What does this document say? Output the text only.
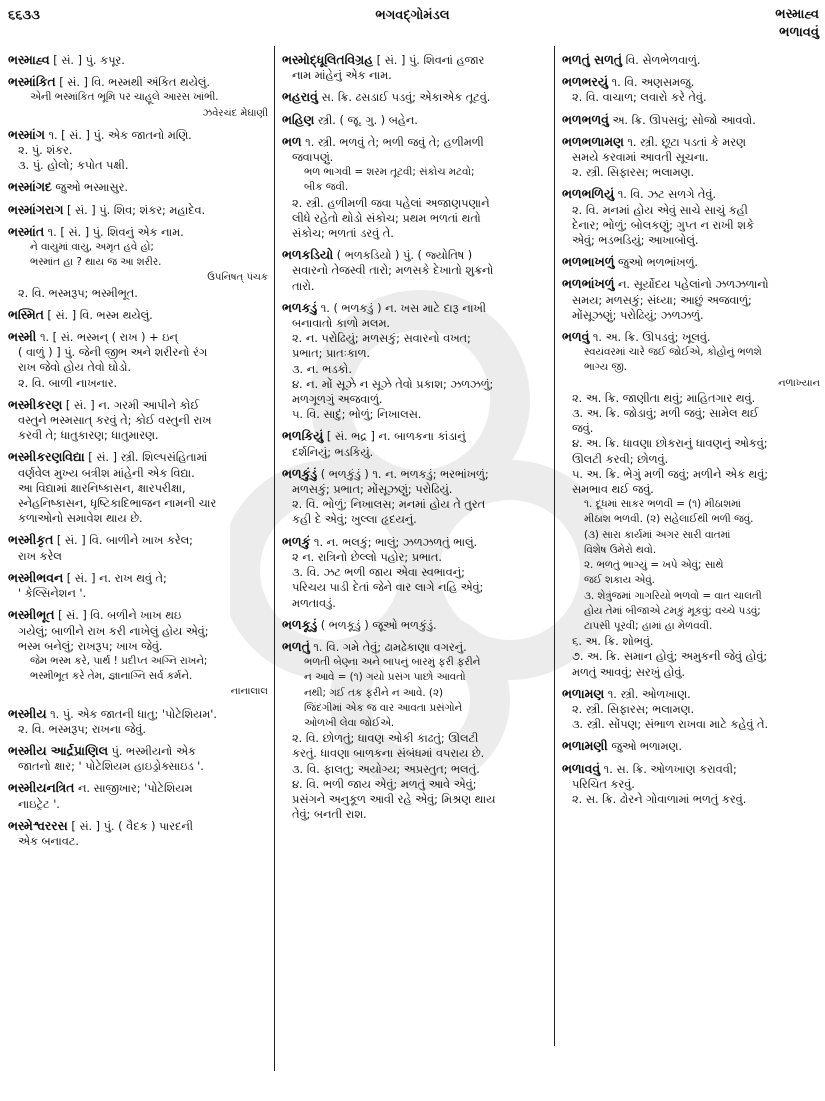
૬૬૩૩	ભગવદ્ગોમંડલ	ભસ્માહ્વ
ભળાવવું
ભસ્માહ્વ [ સં. ] પું. કપૂર.
ભસ્માંકિત [ સં. ] વિ. ભસ્મથી અંકિત થયેલું.
એની ભસ્માંકિત ભૂમિ પર ચાહૂલે આરસ ખાંભી.
ઝવેરચંદ મેઘાણી
ભસ્માંગ ૧. [ સં. ] પું. એક જાતનો મણિ.
૨. પું. શંકર.
૩. પું. હોલો; કપોત પક્ષી.
ભસ્માંગદ જુઓ ભસ્માસુર.
ભસ્માંગરાગ [ સં. ] પું. શિવ; શંકર; મહાદેવ.
ભસ્માંત ૧. [ સં. ] પું. શિવનું એક નામ.
ને વાયુમાં વાયુ, અમૃત હવે હો;
ભસ્માંત હા ? થાય જ આ શરીર.
ઉપનિષત્ પંચક
૨. વિ. ભસ્મરૂપ; ભસ્મીભૂત.
ભસ્મિત [ સં. ] વિ. ભસ્મ થયેલું.
ભસ્મી ૧. [ સં. ભસ્મન્ ( રાખ ) + ઇન્
( વાળું ) ] પું. જેની જીભ અને શરીરનો રંગ
રાખ જેવો હોય તેવો ઘોડો.
૨. વિ. બાળી નાખનાર.
ભસ્મીકરણ [ સં. ] ન. ગરમી આપીને કોઈ
વસ્તુને ભસ્મસાત્ કરવું તે; કોઈ વસ્તુની રાખ
કરવી તે; ધાતુકારણ; ધાતુમારણ.
ભસ્મીકરણવિદ્યા [ સં. ] સ્ત્રી. શિલ્પસંહિતામાં
વર્ણવેલ મુખ્ય બત્રીશ માંહેની એક વિદ્યા.
આ વિદ્યામાં ક્ષારનિષ્કાસન, ક્ષારપરીક્ષા,
સ્નેહનિષ્કાસન, ધૃષ્ટિકાદિભાજન નામની ચાર
કળાઓનો સમાવેશ થાય છે.
ભસ્મીકૃત [ સં. ] વિ. બાળીને ખાખ કરેલ;
રાખ કરેલ
ભસ્મીભવન [ સં. ] ન. રાખ થવું તે;
' કેલ્સિનેશન '.
ભસ્મીભૂત [ સં. ] વિ. બળીને ખાખ થઇ
ગયેલું; બાળીને રાખ કરી નાખેલું હોય એવું;
ભસ્મ બનેલું; રાખરૂપ; ખાખ જેવું.
જેમ ભસ્મ કરે, પાર્થ ! પ્રદીપ્ત અગ્નિ રાખને;
ભસ્મીભૂત કરે તેમ, જ્ઞાનાગ્નિ સર્વ કર્મને.
નાનાલાલ
ભસ્મીય ૧. પું. એક જાતની ધાતુ; 'પોટેશિયમ'.
૨. વિ. ભસ્મરૂપ; રાખના જેવું.
ભસ્મીય આર્દ્રપ્રાણિલ પું. ભસ્મીયનો એક
જાતનો ક્ષાર; ' પોટેશિયમ હાઇડ્રોક્સાઇડ '.
ભસ્મીયનત્રિત ન. સાજીખાર; 'પોટેશિયમ
નાઇટ્રેટ '.
ભસ્મેશ્વરરસ [ સં. ] પું. ( વૈદક ) પારદની
એક બનાવટ.
ભસ્મોદ્ધૂલિતવિગ્રહ [ સં. ] પું. શિવનાં હજાર
નામ માંહેનું એક નામ.
ભહરાવું સ. ક્રિ. ઢસડાઈ પડવું; એકાએક તૂટવું.
ભહિણ સ્ત્રી. ( જૂ. ગુ. ) બહેન.
ભળ ૧. સ્ત્રી. ભળવું તે; ભળી જવું તે; હળીમળી
જવાપણું.
ભળ ભાગવી = શરમ તૂટવી; સંકોચ મટવો;
બીક જવી.
૨. સ્ત્રી. હળીમળી જવા પહેલાં અજાણપણાને
લીધે રહેતો થોડો સંકોચ; પ્રથમ ભળતાં થતો
સંકોચ; ભળતાં ડરવું તે.
ભળકડિયો ( ભળકડિયો ) પું. ( જ્યોતિષ )
સવારનો તેજસ્વી તારો; મળસકે દેખાતો શુક્રનો
તારો.
ભળકડું ૧. ( ભળકડું ) ન. ખસ માટે દારૂ નાખી
બનાવાતો કાળો મલમ.
૨. ન. પરોઢિયું; મળસકું; સવારનો વખત;
પ્રભાત; પ્રાતઃકાળ.
૩. ન. ભડકો.
૪. ન. મોં સૂઝે ન સૂઝે તેવો પ્રકાશ; ઝળઝળું;
મળગૂળગું અજવાળું.
૫. વિ. સાદું; ભોળું; નિખાલસ.
ભળકિયું [ સં. ભદ્ર ] ન. બાળકના કાંડાનું
દર્શનિયું; ભડકિયું.
ભળકુંડું ( ભળકુંડું ) ૧. ન. ભળકડું; ભરભાંખળું;
મળસકું; પ્રભાત; મોંસૂઝણું; પરોઢિયું.
૨. વિ. ભોળું; નિખાલસ; મનમાં હોય તે તુરત
કહી દે એવું; ખુલ્લા હૃદયનું.
ભળકું ૧. ન. ભલકું; ભાલું; ઝળઝળતું ભાલું.
૨ ન. રાત્રિનો છેલ્લો પહોર; પ્રભાત.
૩. વિ. ઝટ ભળી જાય એવા સ્વભાવનું;
પરિચય પાડી દેતાં જેને વાર લાગે નહિ એવું;
મળતાવડું.
ભળકૂડું ( ભળકૂડું ) જૂઓ ભળકુંડું.
ભળતું ૧. વિ. ગમે તેવું; ઢામઢેકાણા વગરનું.
ભળતી બેણ્ના અને બાપનું બારમું ફરી ફરીને
ન આવે = (૧) ગયો પ્રસંગ પાછો આવતો
નથી; ગઈ તક ફરીને ન આવે. (૨)
જિંદગીમાં એક જ વાર આવતા પ્રસંગોને
ઓળખી લેવા જોઈએ.
૨. વિ. છોળતું; ધાવણ ઓકી કાઢતું; ઊલટી
કરતું. ધાવણા બાળકના સંબંધમાં વપરાય છે.
૩. વિ. ફાલતુ; અયોગ્ય; અપ્રસ્તુત; ભલતું.
૪. વિ. ભળી જાય એવું; મળતું આવે એવું;
પ્રસંગને અનુકૂળ આવી રહે એવું; મિશ્રણ થાય
તેવું; બનતી રાશ.
ભળતું સળતું વિ. સેળભેળવાળું.
ભળભરયું ૧. વિ. અણસમજુ.
૨. વિ. વાચાળ; લવારો કરે તેવું.
ભળભળવું અ. ક્રિ. ઊપસવું; સોજો આવવો.
ભળભળામણ ૧. સ્ત્રી. છૂટા પડતાં કે મરણ
સમયે કરવામાં આવતી સૂચના.
૨. સ્ત્રી. સિફારસ; ભલામણ.
ભળભળિયું ૧. વિ. ઝટ સળગે તેવું.
૨. વિ. મનમાં હોય એવું સાચે સાચું કહી
દેનાર; ભોળું; બોલકણું; ગુપ્ત ન રાખી શકે
એવું; ભડભડિયું; આખાબોલું.
ભળભાખળું જુઓ ભળભાંખળું.
ભળભાંખળું ન. સૂર્યોદય પહેલાંનો ઝળઝળાનો
સમય; મળસકું; સંધ્યા; આછું અજવાળું;
મોંસૂઝણું; પરોઢિયું; ઝળઝળું.
ભળવું ૧. અ. ક્રિ. ઊપડવું; ખૂલવું.
સ્વયંવરમાં ચારે જઈ જોઈએ, કોહોનું ભળશે
ભાગ્ય જી.
નળાખ્યાન
૨. અ. ક્રિ. જાણીતા થવું; માહિતગાર થવું.
૩. અ. ક્રિ. જોડાવું; મળી જવું; સામેલ થઈ
જવું.
૪. અ. ક્રિ. ધાવણા છોકરાનું ધાવણનું ઓકવું;
ઊલટી કરવી; છોળવું.
૫. અ. ક્રિ. ભેગું મળી જવું; મળીને એક થવું;
સમભાવ થઈ જવું.
૧. દૂધમાં સાકર ભળવી = (૧) મીઠાશમાં
મીઠાશ ભળવી. (૨) સહેલાઈથી ભળી જવું.
(૩) સારા કાર્યમાં અગર સારી વાતમાં
વિશેષ ઉમેરો થવો.
૨. ભળતું ભાગ્યું = ખપે એવું; સાથે
જઈ શકાય એવું.
૩. શેત્રુંજમાં ગાગરિયો ભળવો = વાત ચાલતી
હોય તેમાં બીજાએ ટમકું મૂકવું; વચ્ચે પડવું;
ટાપસી પૂરવી; હામાં હા મેળવવી.
૬. અ. ક્રિ. શોભવું.
૭. અ. ક્રિ. સમાન હોવું; અમુકની જેવું હોવું;
મળતું આવવું; સરખું હોવું.
ભળામણ ૧. સ્ત્રી. ઓળખાણ.
૨. સ્ત્રી. સિફારસ; ભલામણ.
૩. સ્ત્રી. સોંપણ; સંભાળ રાખવા માટે કહેવું તે.
ભળામણી જુઓ ભળામણ.
ભળાવવું ૧. સ. ક્રિ. ઓળખાણ કરાવવી;
પરિચિત કરવું.
૨. સ. ક્રિ. ઢોરને ગોવાળામાં ભળતું કરવું.
